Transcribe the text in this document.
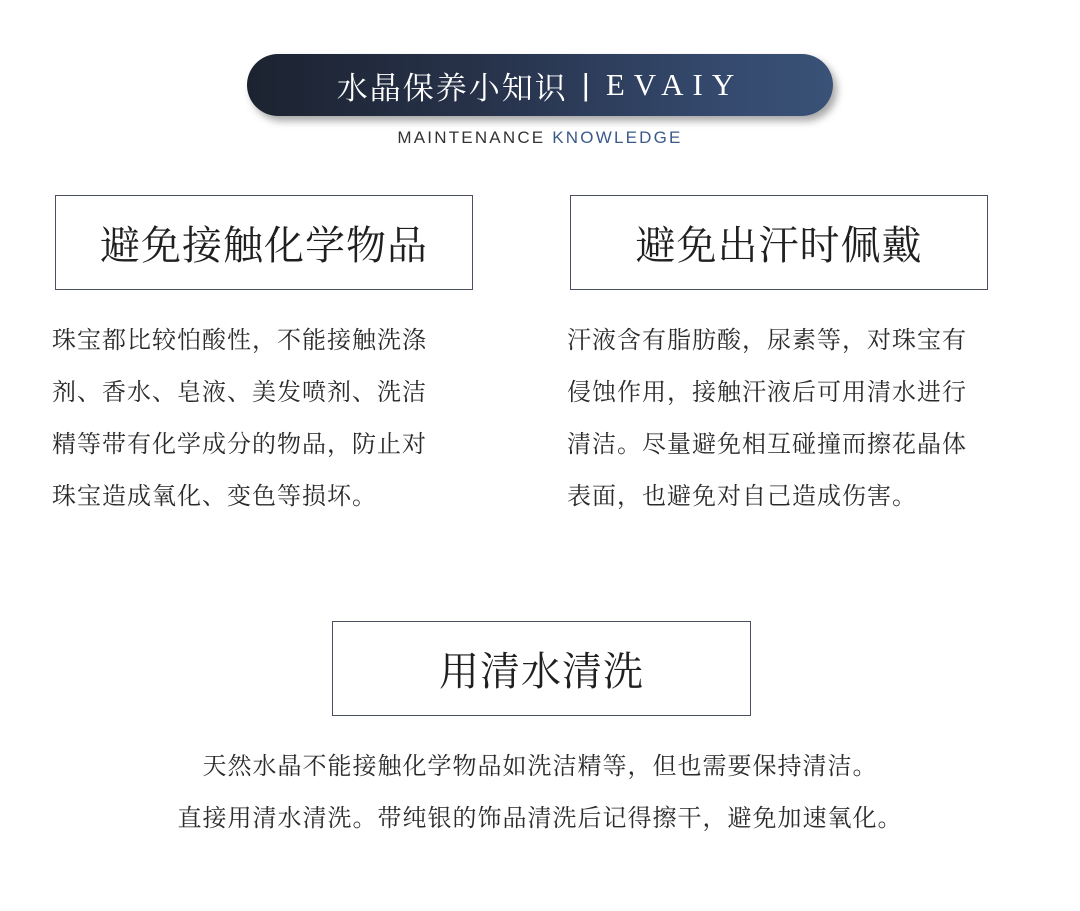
水晶保养小知识 | EVAIY
MAINTENANCE KNOWLEDGE
避免接触化学物品
珠宝都比较怕酸性，不能接触洗涤
剂、香水、皂液、美发喷剂、洗洁
精等带有化学成分的物品，防止对
珠宝造成氧化、变色等损坏。
避免出汗时佩戴
汗液含有脂肪酸，尿素等，对珠宝有
侵蚀作用，接触汗液后可用清水进行
清洁。尽量避免相互碰撞而擦花晶体
表面，也避免对自己造成伤害。
用清水清洗
天然水晶不能接触化学物品如洗洁精等，但也需要保持清洁。
直接用清水清洗。带纯银的饰品清洗后记得擦干，避免加速氧化。
